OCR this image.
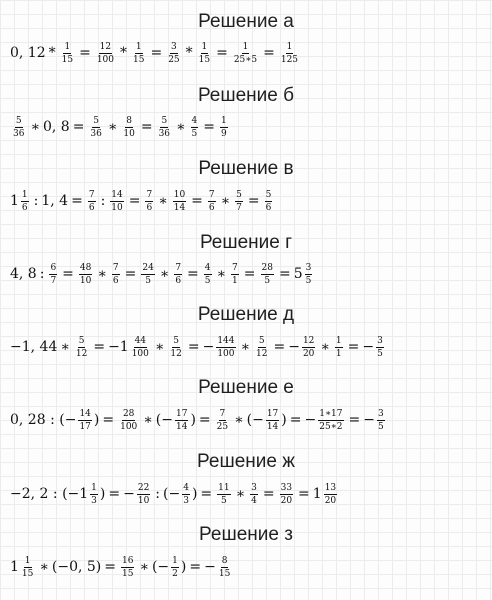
Решение а
Решение б
Решение в
Решение г
Решение д
Решение е
Решение ж
Решение з
0, $12 * \frac{1}{15} = \frac{12}{100} * \frac{1}{15} = \frac{3}{25} * \frac{1}{15} = \frac{1}{25∗5} = \frac{1}{125}$
$\frac{5}{36}$ ∗ 0, $8 = \frac{5}{36}$ ∗ $\frac{8}{10} = \frac{5}{36}$ ∗ $\frac{4}{5} = \frac{1}{9}$
$1 \frac{1}{6}$ : 1, $4 = \frac{7}{6}$ : $\frac{14}{10} = \frac{7}{6}$ ∗ $\frac{10}{14} = \frac{7}{6}$ ∗ $\frac{5}{7} = \frac{5}{6}$
4, 8 : $\frac{6}{7} = \frac{48}{10}$ ∗ $\frac{7}{6} = \frac{24}{5}$ ∗ $\frac{7}{6} = \frac{4}{5}$ ∗ $\frac{7}{1} = \frac{28}{5} = 5 \frac{3}{5}$
−1, 44 ∗ $\frac{5}{12} = -1 \frac{44}{100}$ ∗ $\frac{5}{12}$ = − $\frac{144}{100}$ ∗ $\frac{5}{12}$ = − $\frac{12}{20}$ ∗ $\frac{1}{1}$ = − $\frac{3}{5}$
0, 28 : (− $\frac{14}{17}$ ) = $\frac{28}{100}$ ∗ (− $\frac{17}{14}$ ) = $\frac{7}{25}$ ∗ (− $\frac{17}{14}$ ) = − $\frac{1∗17}{25∗2}$ = − $\frac{3}{5}$
−2, 2 : ($-1 \frac{1}{3}$ ) = − $\frac{22}{10}$ : (− $\frac{4}{3}$ ) = $\frac{11}{5}$ ∗ $\frac{3}{4} = \frac{33}{20} = 1 \frac{13}{20}$
$1 \frac{1}{15}$ ∗ (−0, $5) = \frac{16}{15}$ ∗ (− $\frac{1}{2}$ ) = − $\frac{8}{15}$
